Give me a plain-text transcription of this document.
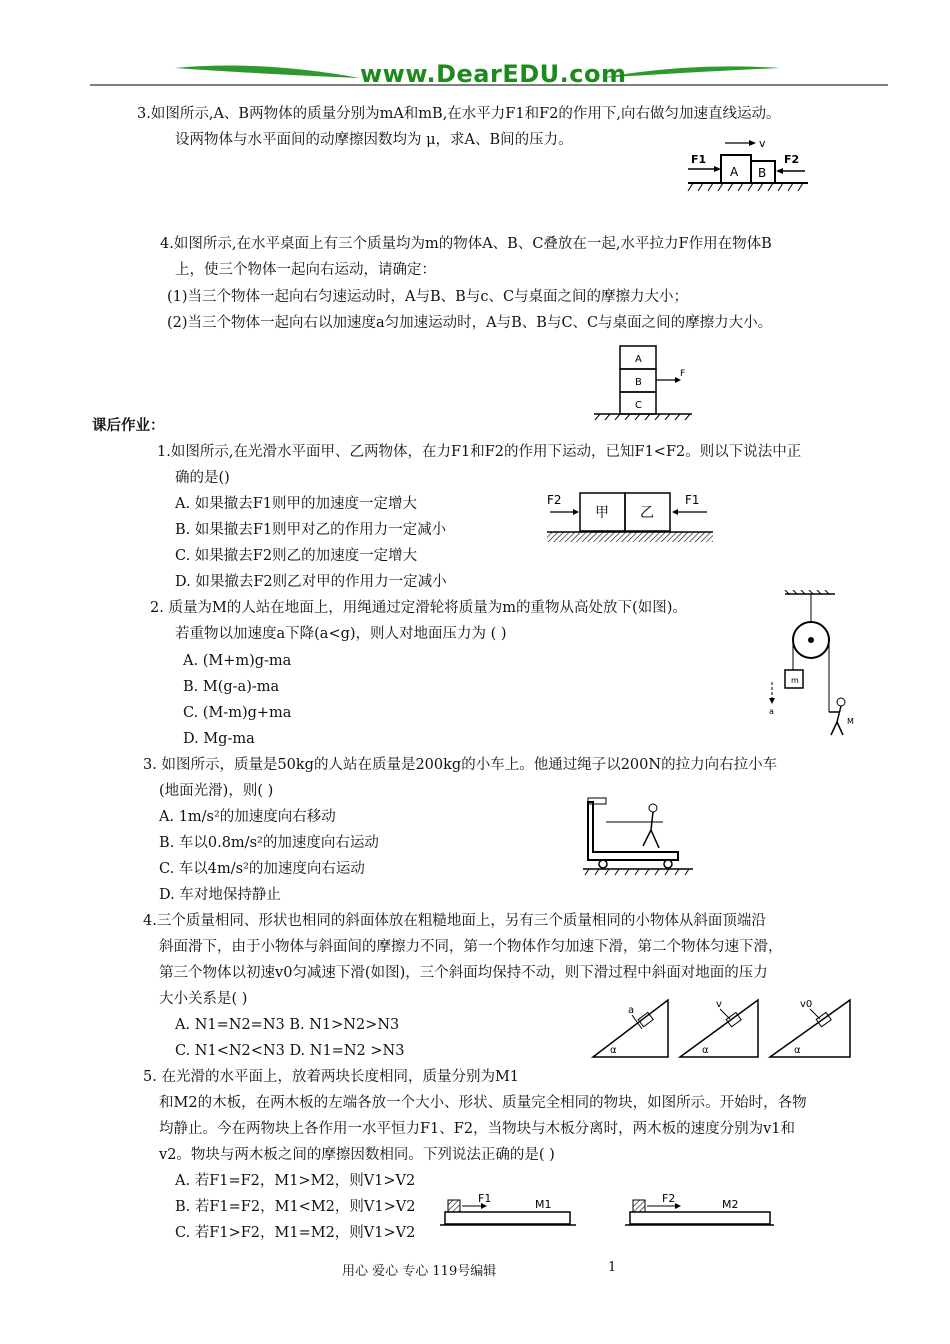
www.DearEDU.com
3.如图所示,A、B两物体的质量分别为mA和mB,在水平力F1和F2的作用下,向右做匀加速直线运动。
设两物体与水平面间的动摩擦因数均为 μ，求A、B间的压力。
4.如图所示,在水平桌面上有三个质量均为m的物体A、B、C叠放在一起,水平拉力F作用在物体B
上，使三个物体一起向右运动，请确定：
(1)当三个物体一起向右匀速运动时，A与B、B与c、C与桌面之间的摩擦力大小；
(2)当三个物体一起向右以加速度a匀加速运动时，A与B、B与C、C与桌面之间的摩擦力大小。
课后作业：
1.如图所示,在光滑水平面甲、乙两物体，在力F1和F2的作用下运动，已知F1<F2。则以下说法中正
确的是()
A. 如果撤去F1则甲的加速度一定增大
B. 如果撤去F1则甲对乙的作用力一定减小
C. 如果撤去F2则乙的加速度一定增大
D. 如果撤去F2则乙对甲的作用力一定减小
2. 质量为M的人站在地面上，用绳通过定滑轮将质量为m的重物从高处放下(如图)。
若重物以加速度a下降(a<g)，则人对地面压力为 ( )
A. (M+m)g-ma
B. M(g-a)-ma
C. (M-m)g+ma
D. Mg-ma
3. 如图所示，质量是50kg的人站在质量是200kg的小车上。他通过绳子以200N的拉力向右拉小车
(地面光滑)，则( )
A. 1m/s²的加速度向右移动
B. 车以0.8m/s²的加速度向右运动
C. 车以4m/s²的加速度向右运动
D. 车对地保持静止
4.三个质量相同、形状也相同的斜面体放在粗糙地面上，另有三个质量相同的小物体从斜面顶端沿
斜面滑下，由于小物体与斜面间的摩擦力不同，第一个物体作匀加速下滑，第二个物体匀速下滑，
第三个物体以初速v0匀减速下滑(如图)，三个斜面均保持不动，则下滑过程中斜面对地面的压力
大小关系是( )
A. N1=N2=N3 B. N1>N2>N3
C. N1<N2<N3 D. N1=N2 >N3
5. 在光滑的水平面上，放着两块长度相同，质量分别为M1
和M2的木板，在两木板的左端各放一个大小、形状、质量完全相同的物块，如图所示。开始时，各物
均静止。今在两物块上各作用一水平恒力F1、F2，当物块与木板分离时，两木板的速度分别为v1和
v2。物块与两木板之间的摩擦因数相同。下列说法正确的是( )
A. 若F1=F2，M1>M2，则V1>V2
B. 若F1=F2，M1<M2，则V1>V2
C. 若F1>F2，M1=M2，则V1>V2
A B
F1	F2
v
A
B
C
F
甲 乙
F2	F1
m
a
M
a
v	v0
α	α	α
F1	M1	F2	M2
用心 爱心 专心 119号编辑	1
